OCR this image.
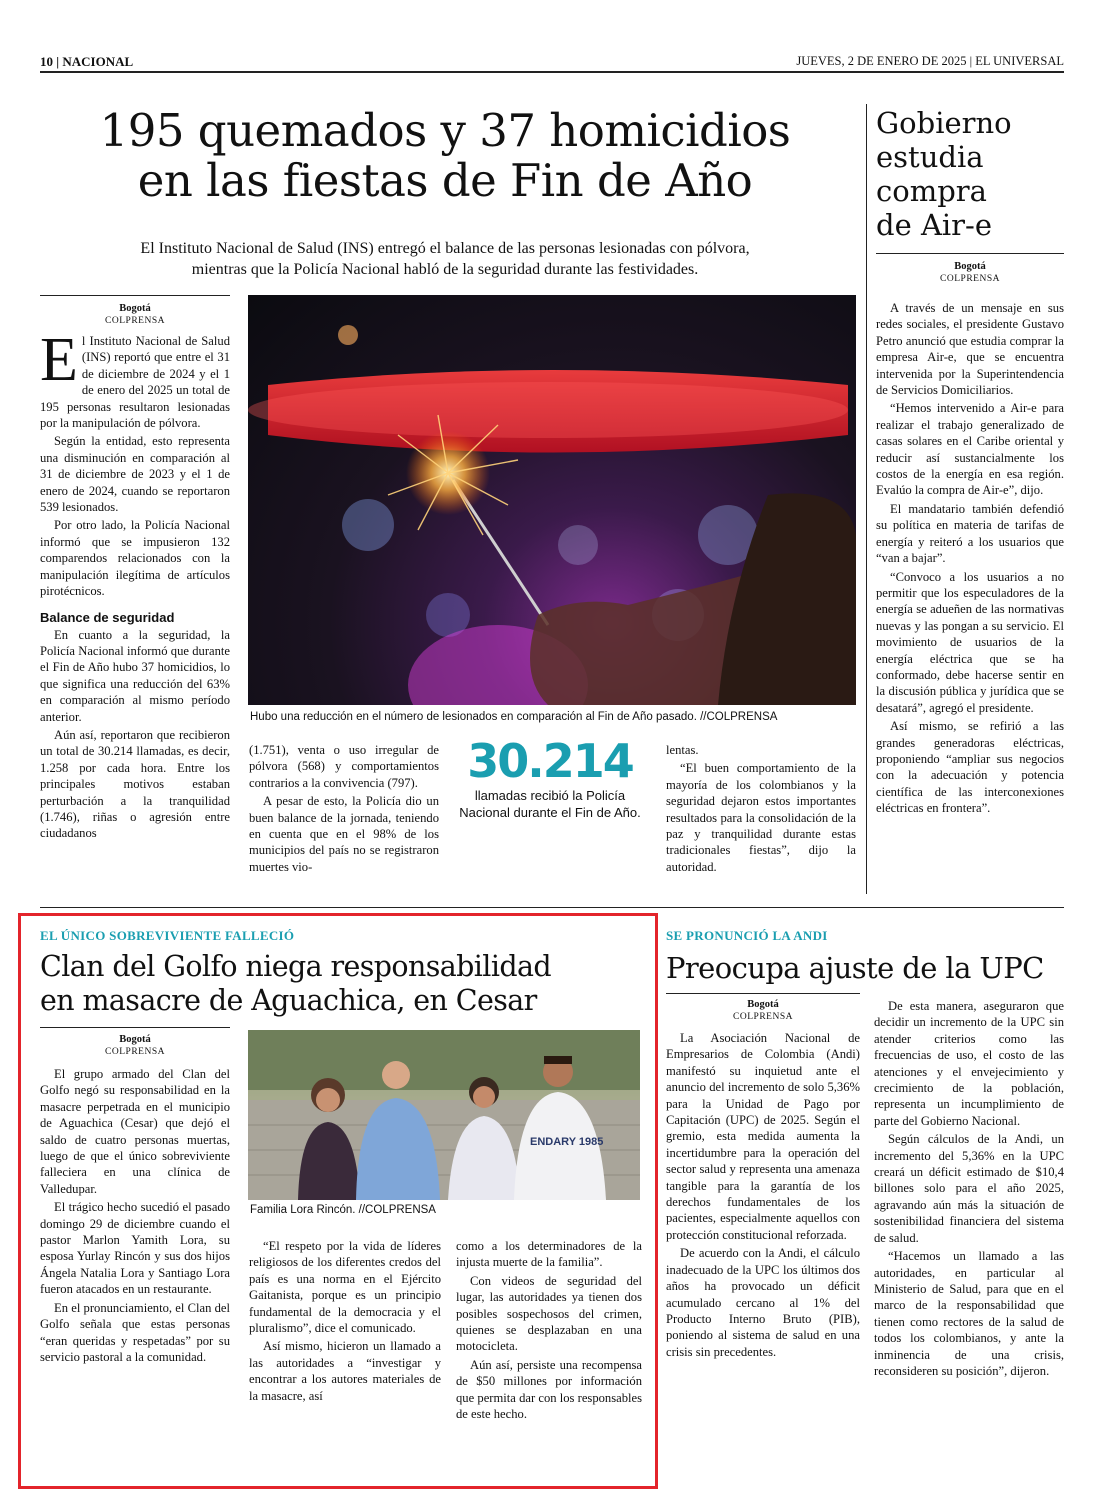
10 | NACIONAL	JUEVES, 2 DE ENERO DE 2025 | EL UNIVERSAL
195 quemados y 37 homicidios
en las fiestas de Fin de Año
El Instituto Nacional de Salud (INS) entregó el balance de las personas lesionadas con pólvora,
mientras que la Policía Nacional habló de la seguridad durante las festividades.
Bogotá
COLPRENSA

E l Instituto Nacional de Salud (INS) reportó que entre el 31 de diciembre de 2024 y el 1 de enero del 2025 un total de 195 personas resultaron lesionadas por la manipulación de pólvora.

Según la entidad, esto representa una disminución en comparación al 31 de diciembre de 2023 y el 1 de enero de 2024, cuando se reportaron 539 lesionados.

Por otro lado, la Policía Nacional informó que se impusieron 132 comparendos relacionados con la manipulación ilegítima de artículos pirotécnicos.

Balance de seguridad

En cuanto a la seguridad, la Policía Nacional informó que durante el Fin de Año hubo 37 homicidios, lo que significa una reducción del 63% en comparación al mismo período anterior.

Aún así, reportaron que recibieron un total de 30.214 llamadas, es decir, 1.258 por cada hora. Entre los principales motivos estaban perturbación a la tranquilidad (1.746), riñas o agresión entre ciudadanos

Hubo una reducción en el número de lesionados en comparación al Fin de Año pasado. //COLPRENSA

(1.751), venta o uso irregular de pólvora (568) y comportamientos contrarios a la convivencia (797).

A pesar de esto, la Policía dio un buen balance de la jornada, teniendo en cuenta que en el 98% de los municipios del país no se registraron muertes vio-

30.214
llamadas recibió la Policía
Nacional durante el Fin de Año.

lentas.

“El buen comportamiento de la mayoría de los colombianos y la seguridad dejaron estos importantes resultados para la consolidación de la paz y tranquilidad durante estas tradicionales fiestas”, dijo la autoridad.

Gobierno
estudia
compra
de Air-e
Bogotá
COLPRENSA

A través de un mensaje en sus redes sociales, el presidente Gustavo Petro anunció que estudia comprar la empresa Air-e, que se encuentra intervenida por la Superintendencia de Servicios Domiciliarios.

“Hemos intervenido a Air-e para realizar el trabajo generalizado de casas solares en el Caribe oriental y reducir así sustancialmente los costos de la energía en esa región. Evalúo la compra de Air-e”, dijo.

El mandatario también defendió su política en materia de tarifas de energía y reiteró a los usuarios que “van a bajar”.

“Convoco a los usuarios a no permitir que los especuladores de la energía se adueñen de las normativas nuevas y las pongan a su servicio. El movimiento de usuarios de la energía eléctrica que se ha conformado, debe hacerse sentir en la discusión pública y jurídica que se desatará”, agregó el presidente.

Así mismo, se refirió a las grandes generadoras eléctricas, proponiendo “ampliar sus negocios con la adecuación y potencia científica de las interconexiones eléctricas en frontera”.

EL ÚNICO SOBREVIVIENTE FALLECIÓ
Clan del Golfo niega responsabilidad
en masacre de Aguachica, en Cesar
Bogotá
COLPRENSA

El grupo armado del Clan del Golfo negó su responsabilidad en la masacre perpetrada en el municipio de Aguachica (Cesar) que dejó el saldo de cuatro personas muertas, luego de que el único sobreviviente falleciera en una clínica de Valledupar.

El trágico hecho sucedió el pasado domingo 29 de diciembre cuando el pastor Marlon Yamith Lora, su esposa Yurlay Rincón y sus dos hijos Ángela Natalia Lora y Santiago Lora fueron atacados en un restaurante.

En el pronunciamiento, el Clan del Golfo señala que estas personas “eran queridas y respetadas” por su servicio pastoral a la comunidad.

ENDARY 1985
Familia Lora Rincón. //COLPRENSA

“El respeto por la vida de líderes religiosos de los diferentes credos del país es una norma en el Ejército Gaitanista, porque es un principio fundamental de la democracia y el pluralismo”, dice el comunicado.

Así mismo, hicieron un llamado a las autoridades a “investigar y encontrar a los autores materiales de la masacre, así

como a los determinadores de la injusta muerte de la familia”.

Con videos de seguridad del lugar, las autoridades ya tienen dos posibles sospechosos del crimen, quienes se desplazaban en una motocicleta.

Aún así, persiste una recompensa de $50 millones por información que permita dar con los responsables de este hecho.

SE PRONUNCIÓ LA ANDI
Preocupa ajuste de la UPC
Bogotá
COLPRENSA

La Asociación Nacional de Empresarios de Colombia (Andi) manifestó su inquietud ante el anuncio del incremento de solo 5,36% para la Unidad de Pago por Capitación (UPC) de 2025. Según el gremio, esta medida aumenta la incertidumbre para la operación del sector salud y representa una amenaza tangible para la garantía de los derechos fundamentales de los pacientes, especialmente aquellos con protección constitucional reforzada.

De acuerdo con la Andi, el cálculo inadecuado de la UPC los últimos dos años ha provocado un déficit acumulado cercano al 1% del Producto Interno Bruto (PIB), poniendo al sistema de salud en una crisis sin precedentes.

De esta manera, aseguraron que decidir un incremento de la UPC sin atender criterios como las frecuencias de uso, el costo de las atenciones y el envejecimiento y crecimiento de la población, representa un incumplimiento de parte del Gobierno Nacional.

Según cálculos de la Andi, un incremento del 5,36% en la UPC creará un déficit estimado de $10,4 billones solo para el año 2025, agravando aún más la situación de sostenibilidad financiera del sistema de salud.

“Hacemos un llamado a las autoridades, en particular al Ministerio de Salud, para que en el marco de la responsabilidad que tienen como rectores de la salud de todos los colombianos, y ante la inminencia de una crisis, reconsideren su posición”, dijeron.
